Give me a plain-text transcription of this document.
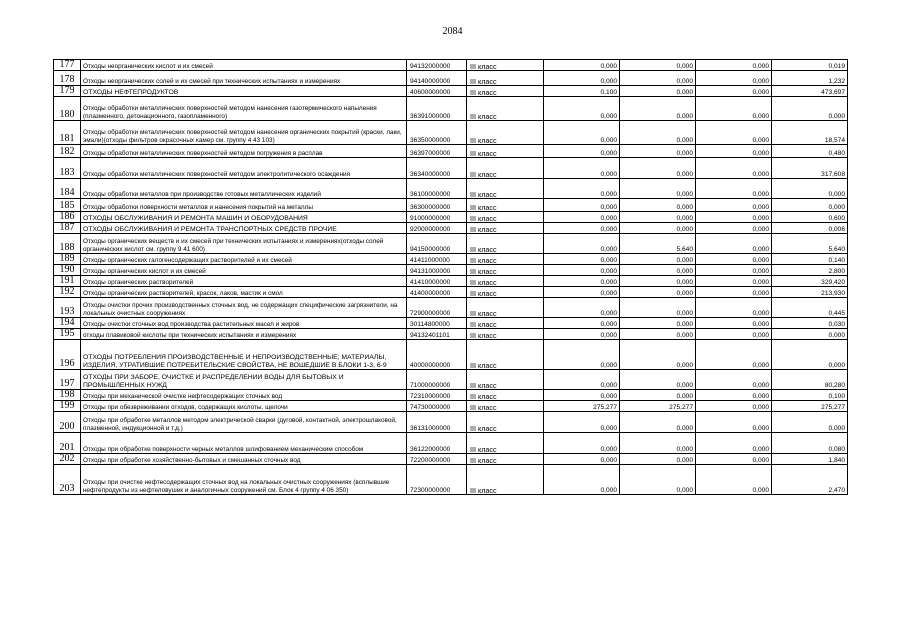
2084
177	Отходы неорганических кислот и их смесей	94132000000	III класс	0,000	0,000	0,000	0,019
178	Отходы неорганических солей и их смесей при технических испытаниях и измерениях	94140000000	III класс	0,000	0,000	0,000	1,232
179	ОТХОДЫ НЕФТЕПРОДУКТОВ	40600000000	III класс	0,100	0,000	0,000	473,697
180	Отходы обработки металлических поверхностей методом нанесения газотермического напыления (плазменного, детонационного, газопламенного)	36391000000	III класс	0,000	0,000	0,000	0,000
181	Отходы обработки металлических поверхностей методом нанесения органических покрытий (краски, лаки, эмали)(отходы фильтров окрасочных камер см. группу 4 43 103)	36350000000	III класс	0,000	0,000	0,000	18,574
182	Отходы обработки металлических поверхностей методом погружения в расплав	36397000000	III класс	0,000	0,000	0,000	0,480
183	Отходы обработки металлических поверхностей методом электролитического осаждения	36340000000	III класс	0,000	0,000	0,000	317,608
184	Отходы обработки металлов при производстве готовых металлических изделий	36100000000	III класс	0,000	0,000	0,000	0,000
185	Отходы обработки поверхности металлов и нанесения покрытий на металлы	36300000000	III класс	0,000	0,000	0,000	0,000
186	ОТХОДЫ ОБСЛУЖИВАНИЯ И РЕМОНТА МАШИН И ОБОРУДОВАНИЯ	91000000000	III класс	0,000	0,000	0,000	0,600
187	ОТХОДЫ ОБСЛУЖИВАНИЯ И РЕМОНТА ТРАНСПОРТНЫХ СРЕДСТВ ПРОЧИЕ	92000000000	III класс	0,000	0,000	0,000	0,006
188	Отходы органических веществ и их смесей при технических испытаниях и измерениях(отходы солей органических кислот см. группу 9 41 600)	94150000000	III класс	0,000	5,640	0,000	5,640
189	Отходы органических галогенсодержащих растворителей и их смесей	41411000000	III класс	0,000	0,000	0,000	0,140
190	Отходы органических кислот и их смесей	94131000000	III класс	0,000	0,000	0,000	2,800
191	Отходы органических растворителей	41410000000	III класс	0,000	0,000	0,000	329,420
192	Отходы органических растворителей, красок, лаков, мастик и смол	41400000000	III класс	0,000	0,000	0,000	213,930
193	Отходы очистки прочих производственных сточных вод, не содержащих специфические загрязнители, на локальных очистных сооружениях	72900000000	III класс	0,000	0,000	0,000	0,445
194	Отходы очистки сточных вод производства растительных масел и жиров	30114800000	III класс	0,000	0,000	0,000	0,030
195	отходы плавиковой кислоты при технических испытаниях и измерениях	94132401101	III класс	0,000	0,000	0,000	0,000
196	ОТХОДЫ ПОТРЕБЛЕНИЯ ПРОИЗВОДСТВЕННЫЕ И НЕПРОИЗВОДСТВЕННЫЕ; МАТЕРИАЛЫ, ИЗДЕЛИЯ, УТРАТИВШИЕ ПОТРЕБИТЕЛЬСКИЕ СВОЙСТВА, НЕ ВОШЕДШИЕ В БЛОКИ 1-3, 6-9	40000000000	III класс	0,000	0,000	0,000	0,000
197	ОТХОДЫ ПРИ ЗАБОРЕ, ОЧИСТКЕ И РАСПРЕДЕЛЕНИИ ВОДЫ ДЛЯ БЫТОВЫХ И ПРОМЫШЛЕННЫХ НУЖД	71000000000	III класс	0,000	0,000	0,000	80,280
198	Отходы при механической очистке нефтесодержащих сточных вод	72310000000	III класс	0,000	0,000	0,000	0,100
199	Отходы при обезвреживании отходов, содержащих кислоты, щелочи	74730000000	III класс	275,277	275,277	0,000	275,277
200	Отходы при обработке металлов методом электрической сварки (дуговой, контактной, электрошлаковой, плазменной, индукционной и т.д.)	36131000000	III класс	0,000	0,000	0,000	0,000
201	Отходы при обработке поверхности черных металлов шлифованием механическим способом	36122000000	III класс	0,000	0,000	0,000	0,080
202	Отходы при обработке хозяйственно-бытовых и смешанных сточных вод	72200000000	III класс	0,000	0,000	0,000	1,840
203	Отходы при очистке нефтесодержащих сточных вод на локальных очистных сооружениях (всплывшие нефтепродукты из нефтеловушек и аналогичных сооружений см. Блок 4 группу 4 06 350)	72300000000	III класс	0,000	0,000	0,000	2,470
